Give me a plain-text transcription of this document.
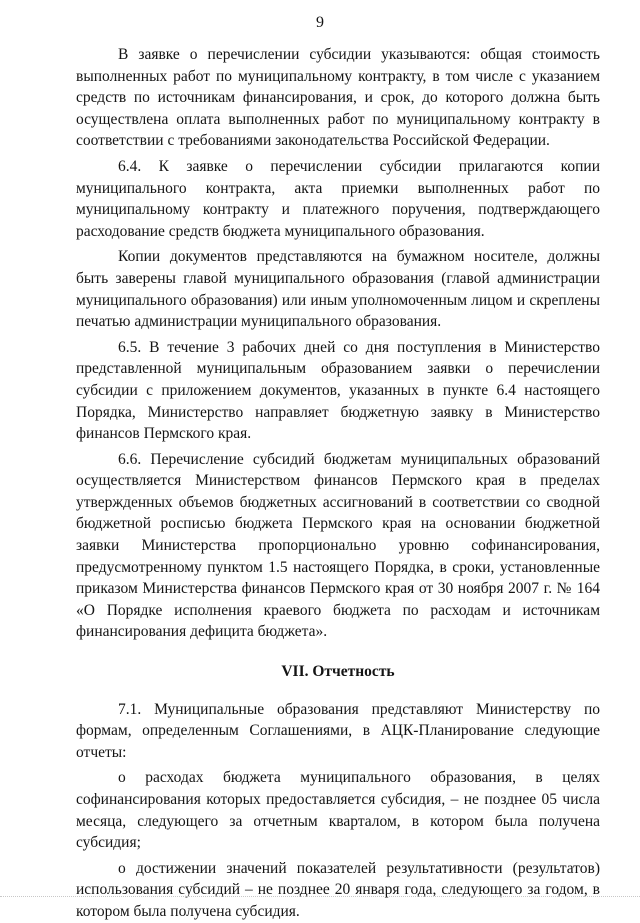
9

В заявке о перечислении субсидии указываются: общая стоимость выполненных работ по муниципальному контракту, в том числе с указанием средств по источникам финансирования, и срок, до которого должна быть осуществлена оплата выполненных работ по муниципальному контракту в соответствии с требованиями законодательства Российской Федерации.

6.4. К заявке о перечислении субсидии прилагаются копии муниципального контракта, акта приемки выполненных работ по муниципальному контракту и платежного поручения, подтверждающего расходование средств бюджета муниципального образования.

Копии документов представляются на бумажном носителе, должны быть заверены главой муниципального образования (главой администрации муниципального образования) или иным уполномоченным лицом и скреплены печатью администрации муниципального образования.

6.5. В течение 3 рабочих дней со дня поступления в Министерство представленной муниципальным образованием заявки о перечислении субсидии с приложением документов, указанных в пункте 6.4 настоящего Порядка, Министерство направляет бюджетную заявку в Министерство финансов Пермского края.

6.6. Перечисление субсидий бюджетам муниципальных образований осуществляется Министерством финансов Пермского края в пределах утвержденных объемов бюджетных ассигнований в соответствии со сводной бюджетной росписью бюджета Пермского края на основании бюджетной заявки Министерства пропорционально уровню софинансирования, предусмотренному пунктом 1.5 настоящего Порядка, в сроки, установленные приказом Министерства финансов Пермского края от 30 ноября 2007 г. № 164 «О Порядке исполнения краевого бюджета по расходам и источникам финансирования дефицита бюджета».

VII. Отчетность

7.1. Муниципальные образования представляют Министерству по формам, определенным Соглашениями, в АЦК-Планирование следующие отчеты:

о расходах бюджета муниципального образования, в целях софинансирования которых предоставляется субсидия, – не позднее 05 числа месяца, следующего за отчетным кварталом, в котором была получена субсидия;

о достижении значений показателей результативности (результатов) использования субсидий – не позднее 20 января года, следующего за годом, в котором была получена субсидия.
